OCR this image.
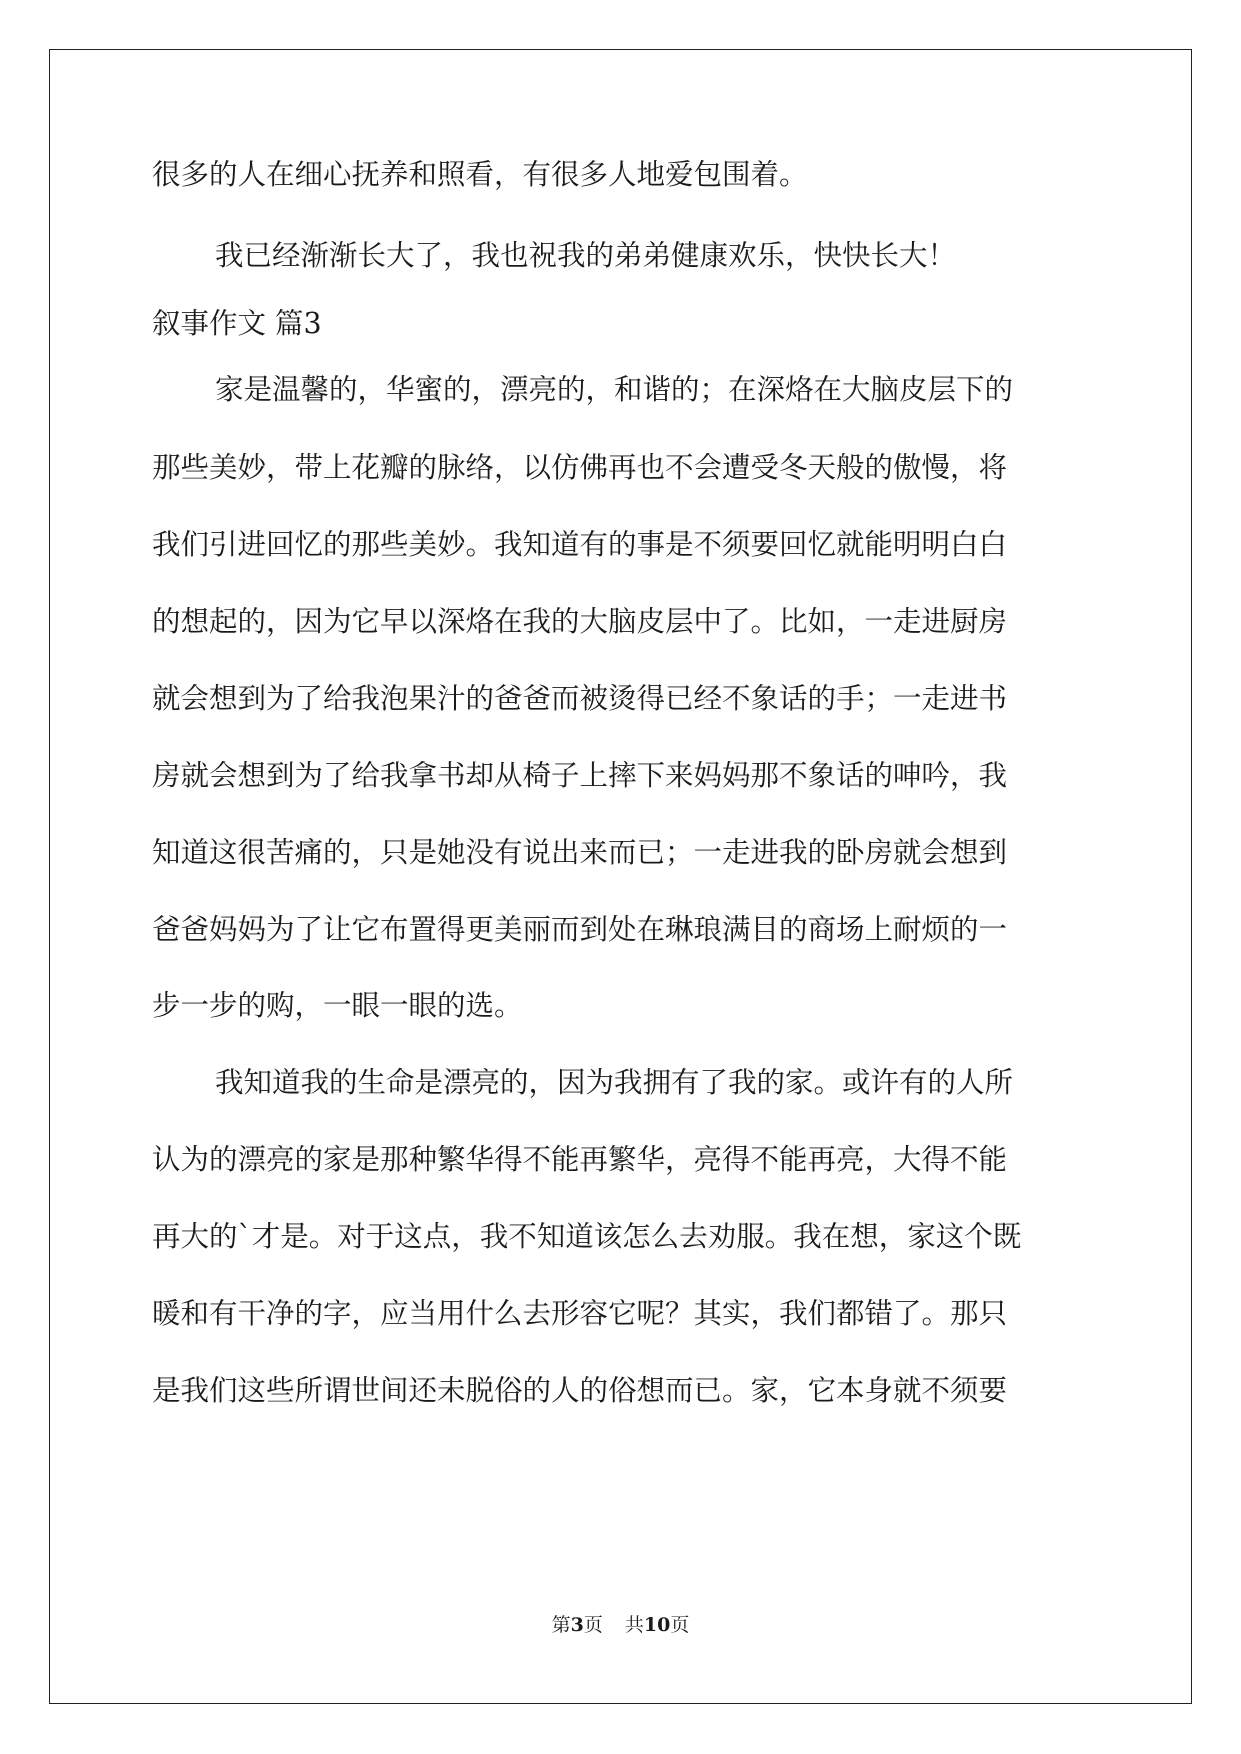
很多的人在细心抚养和照看，有很多人地爱包围着。
我已经渐渐长大了，我也祝我的弟弟健康欢乐，快快长大！
叙事作文 篇3
家是温馨的，华蜜的，漂亮的，和谐的；在深烙在大脑皮层下的
那些美妙，带上花瓣的脉络，以仿佛再也不会遭受冬天般的傲慢，将
我们引进回忆的那些美妙。我知道有的事是不须要回忆就能明明白白
的想起的，因为它早以深烙在我的大脑皮层中了。比如，一走进厨房
就会想到为了给我泡果汁的爸爸而被烫得已经不象话的手；一走进书
房就会想到为了给我拿书却从椅子上摔下来妈妈那不象话的呻吟，我
知道这很苦痛的，只是她没有说出来而已；一走进我的卧房就会想到
爸爸妈妈为了让它布置得更美丽而到处在琳琅满目的商场上耐烦的一
步一步的购，一眼一眼的选。
我知道我的生命是漂亮的，因为我拥有了我的家。或许有的人所
认为的漂亮的家是那种繁华得不能再繁华，亮得不能再亮，大得不能
再大的`才是。对于这点，我不知道该怎么去劝服。我在想，家这个既
暖和有干净的字，应当用什么去形容它呢？其实，我们都错了。那只
是我们这些所谓世间还未脱俗的人的俗想而已。家，它本身就不须要
第3页 共10页
